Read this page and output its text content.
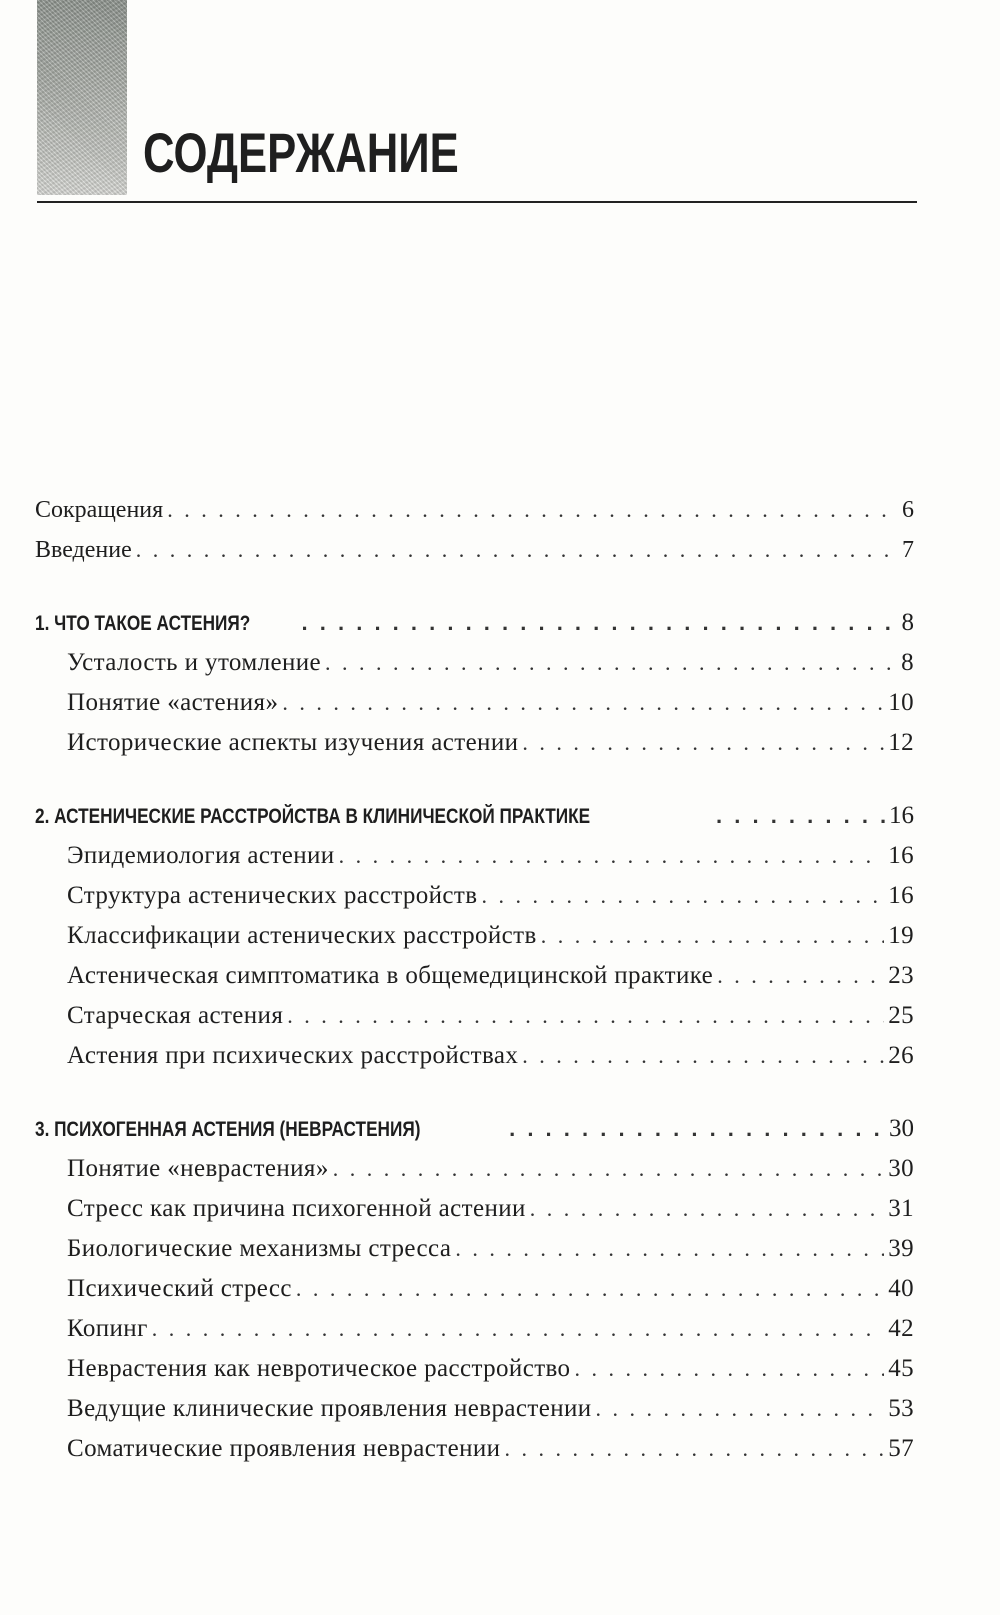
СОДЕРЖАНИЕ
Сокращения . . .	6
Введение . . .	7
1. ЧТО ТАКОЕ АСТЕНИЯ? . . .	8
Усталость и утомление . . .	8
Понятие «астения» . . .	10
Исторические аспекты изучения астении . . .	12
2. АСТЕНИЧЕСКИЕ РАССТРОЙСТВА В КЛИНИЧЕСКОЙ ПРАКТИКЕ . . .	16
Эпидемиология астении . . .	16
Структура астенических расстройств . . .	16
Классификации астенических расстройств . . .	19
Астеническая симптоматика в общемедицинской практике . . .	23
Старческая астения . . .	25
Астения при психических расстройствах . . .	26
3. ПСИХОГЕННАЯ АСТЕНИЯ (НЕВРАСТЕНИЯ) . . .	30
Понятие «неврастения» . . .	30
Стресс как причина психогенной астении . . .	31
Биологические механизмы стресса . . .	39
Психический стресс . . .	40
Копинг . . .	42
Неврастения как невротическое расстройство . . .	45
Ведущие клинические проявления неврастении . . .	53
Соматические проявления неврастении . . .	57
